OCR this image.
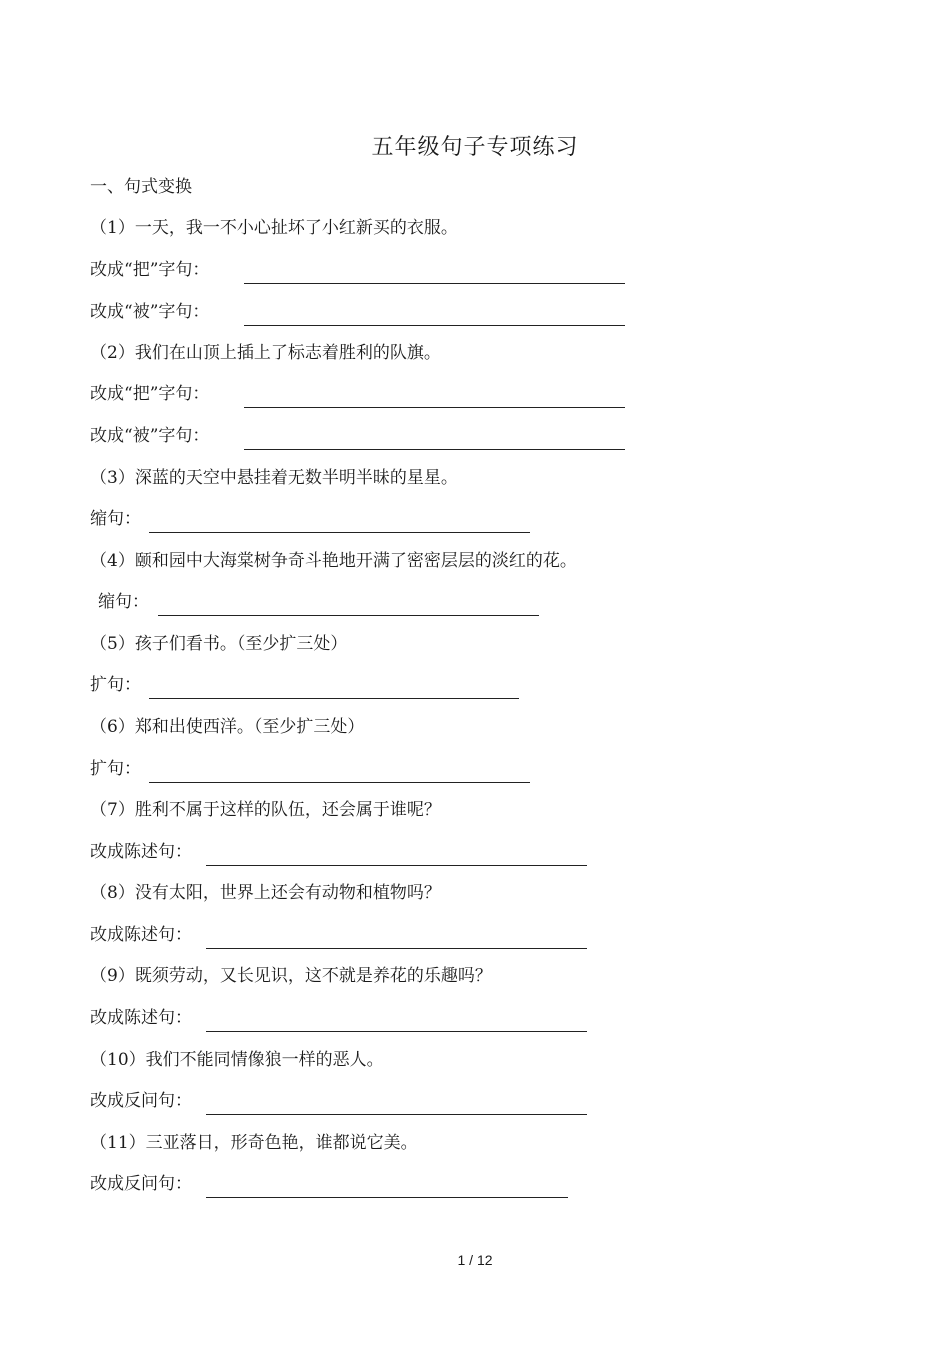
五年级句子专项练习
一、句式变换
（1）一天，我一不小心扯坏了小红新买的衣服。
改成“把”字句：
改成“被”字句：
（2）我们在山顶上插上了标志着胜利的队旗。
改成“把”字句：
改成“被”字句：
（3）深蓝的天空中悬挂着无数半明半昧的星星。
缩句：
（4）颐和园中大海棠树争奇斗艳地开满了密密层层的淡红的花。
缩句：
（5）孩子们看书。（至少扩三处）
扩句：
（6）郑和出使西洋。（至少扩三处）
扩句：
（7）胜利不属于这样的队伍，还会属于谁呢？
改成陈述句：
（8）没有太阳，世界上还会有动物和植物吗？
改成陈述句：
（9）既须劳动，又长见识，这不就是养花的乐趣吗？
改成陈述句：
（10）我们不能同情像狼一样的恶人。
改成反问句：
（11）三亚落日，形奇色艳，谁都说它美。
改成反问句：
1 / 12
